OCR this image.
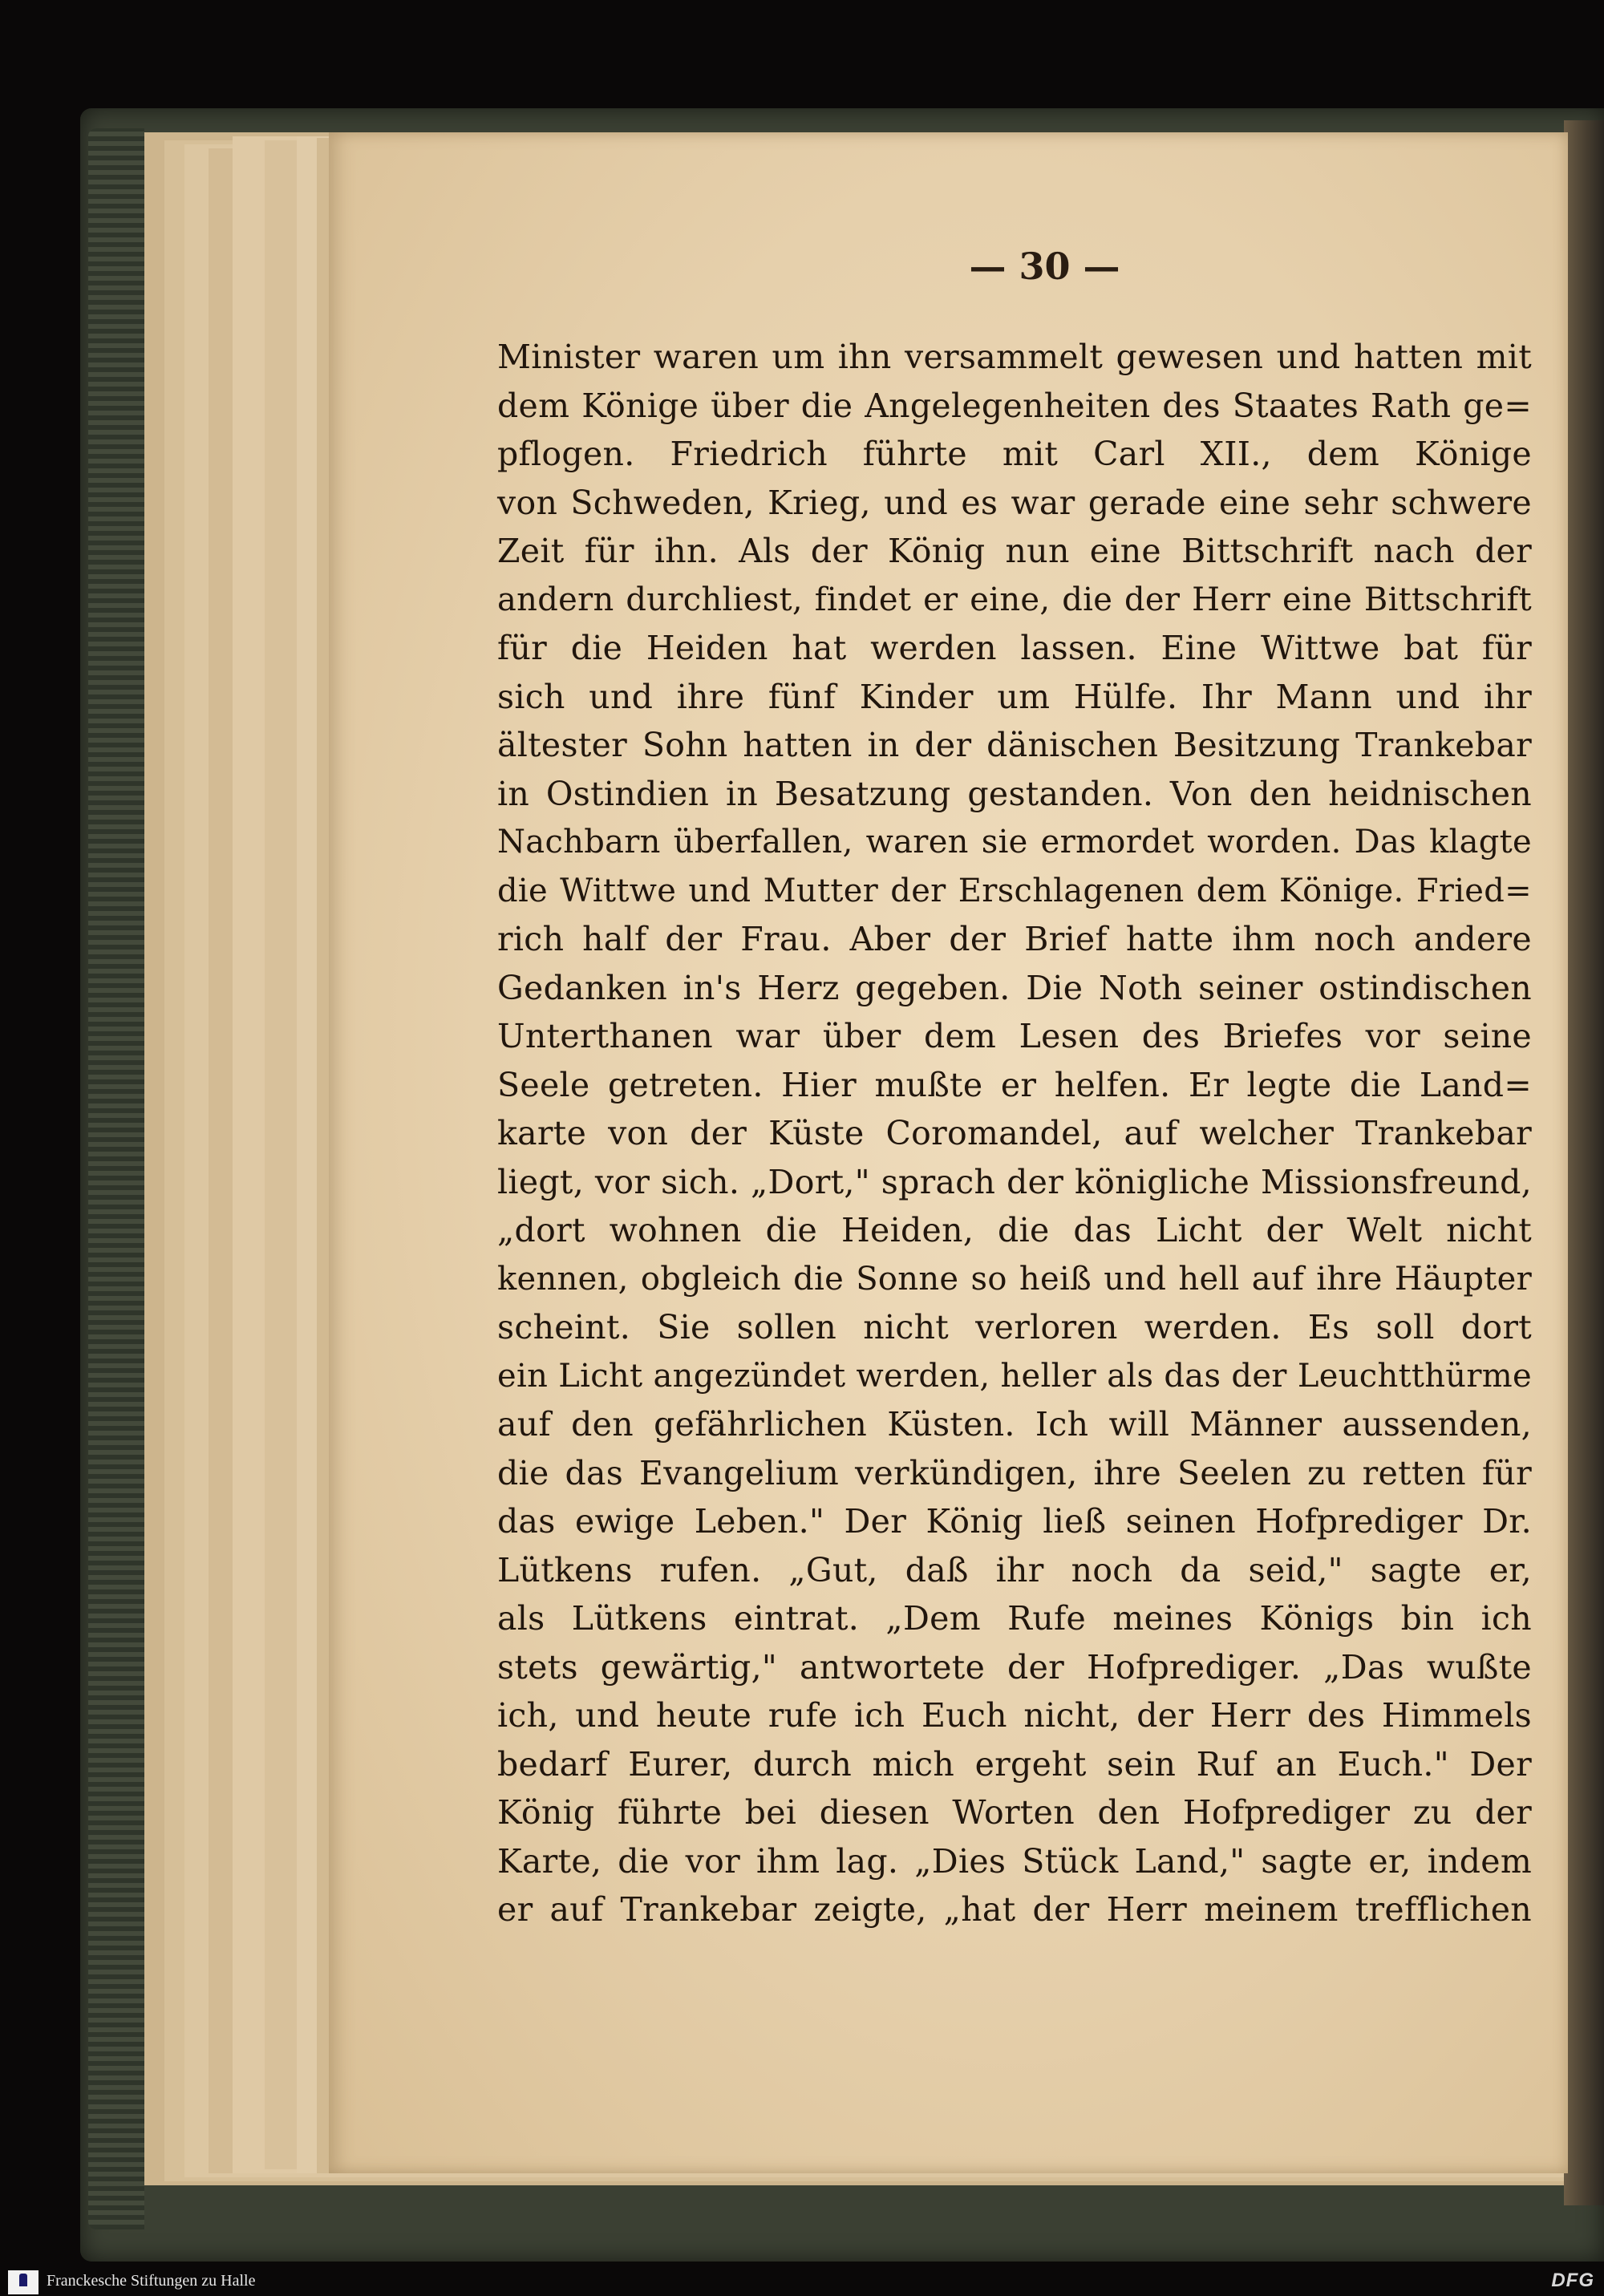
— 30 —
Minister waren um ihn versammelt gewesen und hatten mit
dem Könige über die Angelegenheiten des Staates Rath ge=
pflogen. Friedrich führte mit Carl XII., dem Könige
von Schweden, Krieg, und es war gerade eine sehr schwere
Zeit für ihn. Als der König nun eine Bittschrift nach der
andern durchliest, findet er eine, die der Herr eine Bittschrift
für die Heiden hat werden lassen. Eine Wittwe bat für
sich und ihre fünf Kinder um Hülfe. Ihr Mann und ihr
ältester Sohn hatten in der dänischen Besitzung Trankebar
in Ostindien in Besatzung gestanden. Von den heidnischen
Nachbarn überfallen, waren sie ermordet worden. Das klagte
die Wittwe und Mutter der Erschlagenen dem Könige. Fried=
rich half der Frau. Aber der Brief hatte ihm noch andere
Gedanken in's Herz gegeben. Die Noth seiner ostindischen
Unterthanen war über dem Lesen des Briefes vor seine
Seele getreten. Hier mußte er helfen. Er legte die Land=
karte von der Küste Coromandel, auf welcher Trankebar
liegt, vor sich. „Dort," sprach der königliche Missionsfreund,
„dort wohnen die Heiden, die das Licht der Welt nicht
kennen, obgleich die Sonne so heiß und hell auf ihre Häupter
scheint. Sie sollen nicht verloren werden. Es soll dort
ein Licht angezündet werden, heller als das der Leuchtthürme
auf den gefährlichen Küsten. Ich will Männer aussenden,
die das Evangelium verkündigen, ihre Seelen zu retten für
das ewige Leben." Der König ließ seinen Hofprediger Dr.
Lütkens rufen. „Gut, daß ihr noch da seid," sagte er,
als Lütkens eintrat. „Dem Rufe meines Königs bin ich
stets gewärtig," antwortete der Hofprediger. „Das wußte
ich, und heute rufe ich Euch nicht, der Herr des Himmels
bedarf Eurer, durch mich ergeht sein Ruf an Euch." Der
König führte bei diesen Worten den Hofprediger zu der
Karte, die vor ihm lag. „Dies Stück Land," sagte er, indem
er auf Trankebar zeigte, „hat der Herr meinem trefflichen
Franckesche Stiftungen zu Halle	DFG
